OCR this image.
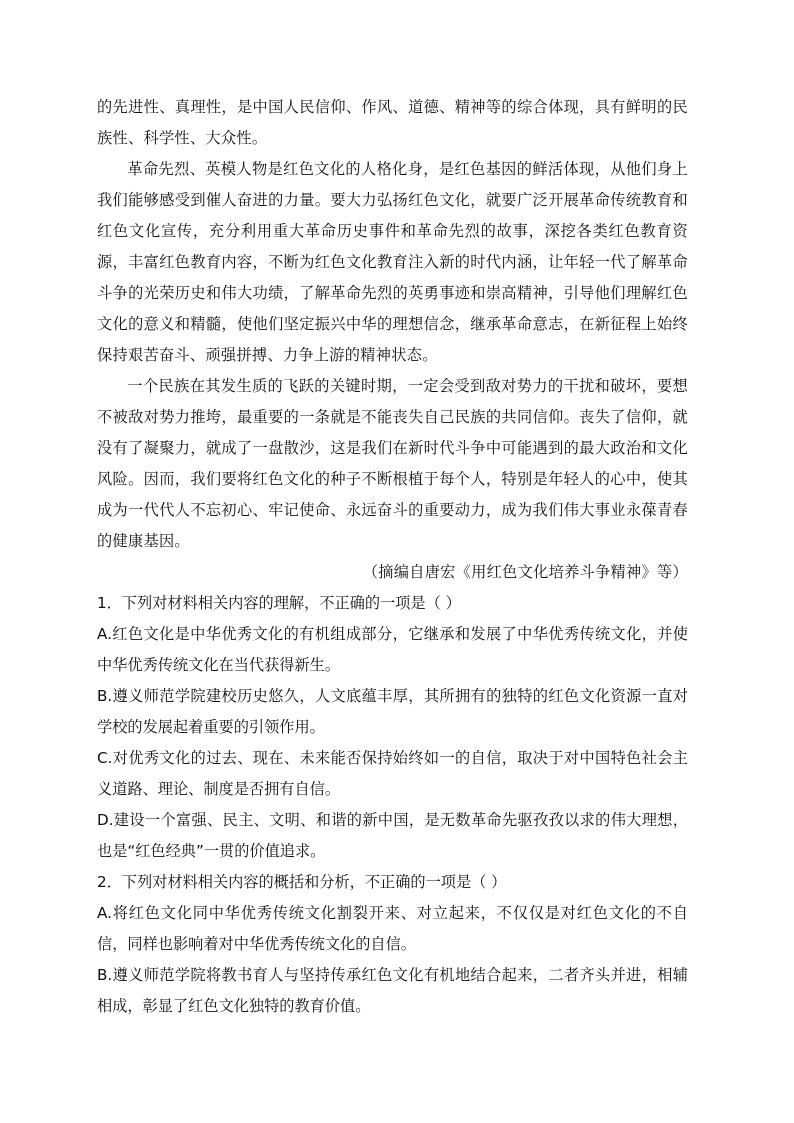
的先进性、真理性，是中国人民信仰、作风、道德、精神等的综合体现，具有鲜明的民族性、科学性、大众性。

革命先烈、英模人物是红色文化的人格化身，是红色基因的鲜活体现，从他们身上我们能够感受到催人奋进的力量。要大力弘扬红色文化，就要广泛开展革命传统教育和红色文化宣传，充分利用重大革命历史事件和革命先烈的故事，深挖各类红色教育资源，丰富红色教育内容，不断为红色文化教育注入新的时代内涵，让年轻一代了解革命斗争的光荣历史和伟大功绩，了解革命先烈的英勇事迹和崇高精神，引导他们理解红色文化的意义和精髓，使他们坚定振兴中华的理想信念，继承革命意志，在新征程上始终保持艰苦奋斗、顽强拼搏、力争上游的精神状态。

一个民族在其发生质的飞跃的关键时期，一定会受到敌对势力的干扰和破坏，要想不被敌对势力推垮，最重要的一条就是不能丧失自己民族的共同信仰。丧失了信仰，就没有了凝聚力，就成了一盘散沙，这是我们在新时代斗争中可能遇到的最大政治和文化风险。因而，我们要将红色文化的种子不断根植于每个人，特别是年轻人的心中，使其成为一代代人不忘初心、牢记使命、永远奋斗的重要动力，成为我们伟大事业永葆青春的健康基因。

（摘编自唐宏《用红色文化培养斗争精神》等）

1．下列对材料相关内容的理解，不正确的一项是（ ）

A.红色文化是中华优秀文化的有机组成部分，它继承和发展了中华优秀传统文化，并使中华优秀传统文化在当代获得新生。

B.遵义师范学院建校历史悠久，人文底蕴丰厚，其所拥有的独特的红色文化资源一直对学校的发展起着重要的引领作用。

C.对优秀文化的过去、现在、未来能否保持始终如一的自信，取决于对中国特色社会主义道路、理论、制度是否拥有自信。

D.建设一个富强、民主、文明、和谐的新中国，是无数革命先驱孜孜以求的伟大理想，也是“红色经典”一贯的价值追求。

2．下列对材料相关内容的概括和分析，不正确的一项是（ ）

A.将红色文化同中华优秀传统文化割裂开来、对立起来，不仅仅是对红色文化的不自信，同样也影响着对中华优秀传统文化的自信。

B.遵义师范学院将教书育人与坚持传承红色文化有机地结合起来，二者齐头并进，相辅相成，彰显了红色文化独特的教育价值。
